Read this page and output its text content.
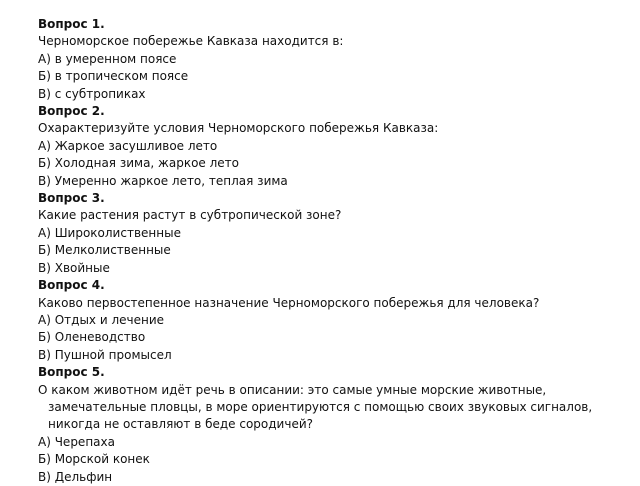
Вопрос 1.

Черноморское побережье Кавказа находится в:

А) в умеренном поясе

Б) в тропическом поясе

В) с субтропиках

Вопрос 2.

Охарактеризуйте условия Черноморского побережья Кавказа:

А) Жаркое засушливое лето

Б) Холодная зима, жаркое лето

В) Умеренно жаркое лето, теплая зима

Вопрос 3.

Какие растения растут в субтропической зоне?

А) Широколиственные

Б) Мелколиственные

В) Хвойные

Вопрос 4.

Каково первостепенное назначение Черноморского побережья для человека?

А) Отдых и лечение

Б) Оленеводство

В) Пушной промысел

Вопрос 5.

О каком животном идёт речь в описании: это самые умные морские животные, замечательные пловцы, в море ориентируются с помощью своих звуковых сигналов, никогда не оставляют в беде сородичей?

А) Черепаха

Б) Морской конек

В) Дельфин
